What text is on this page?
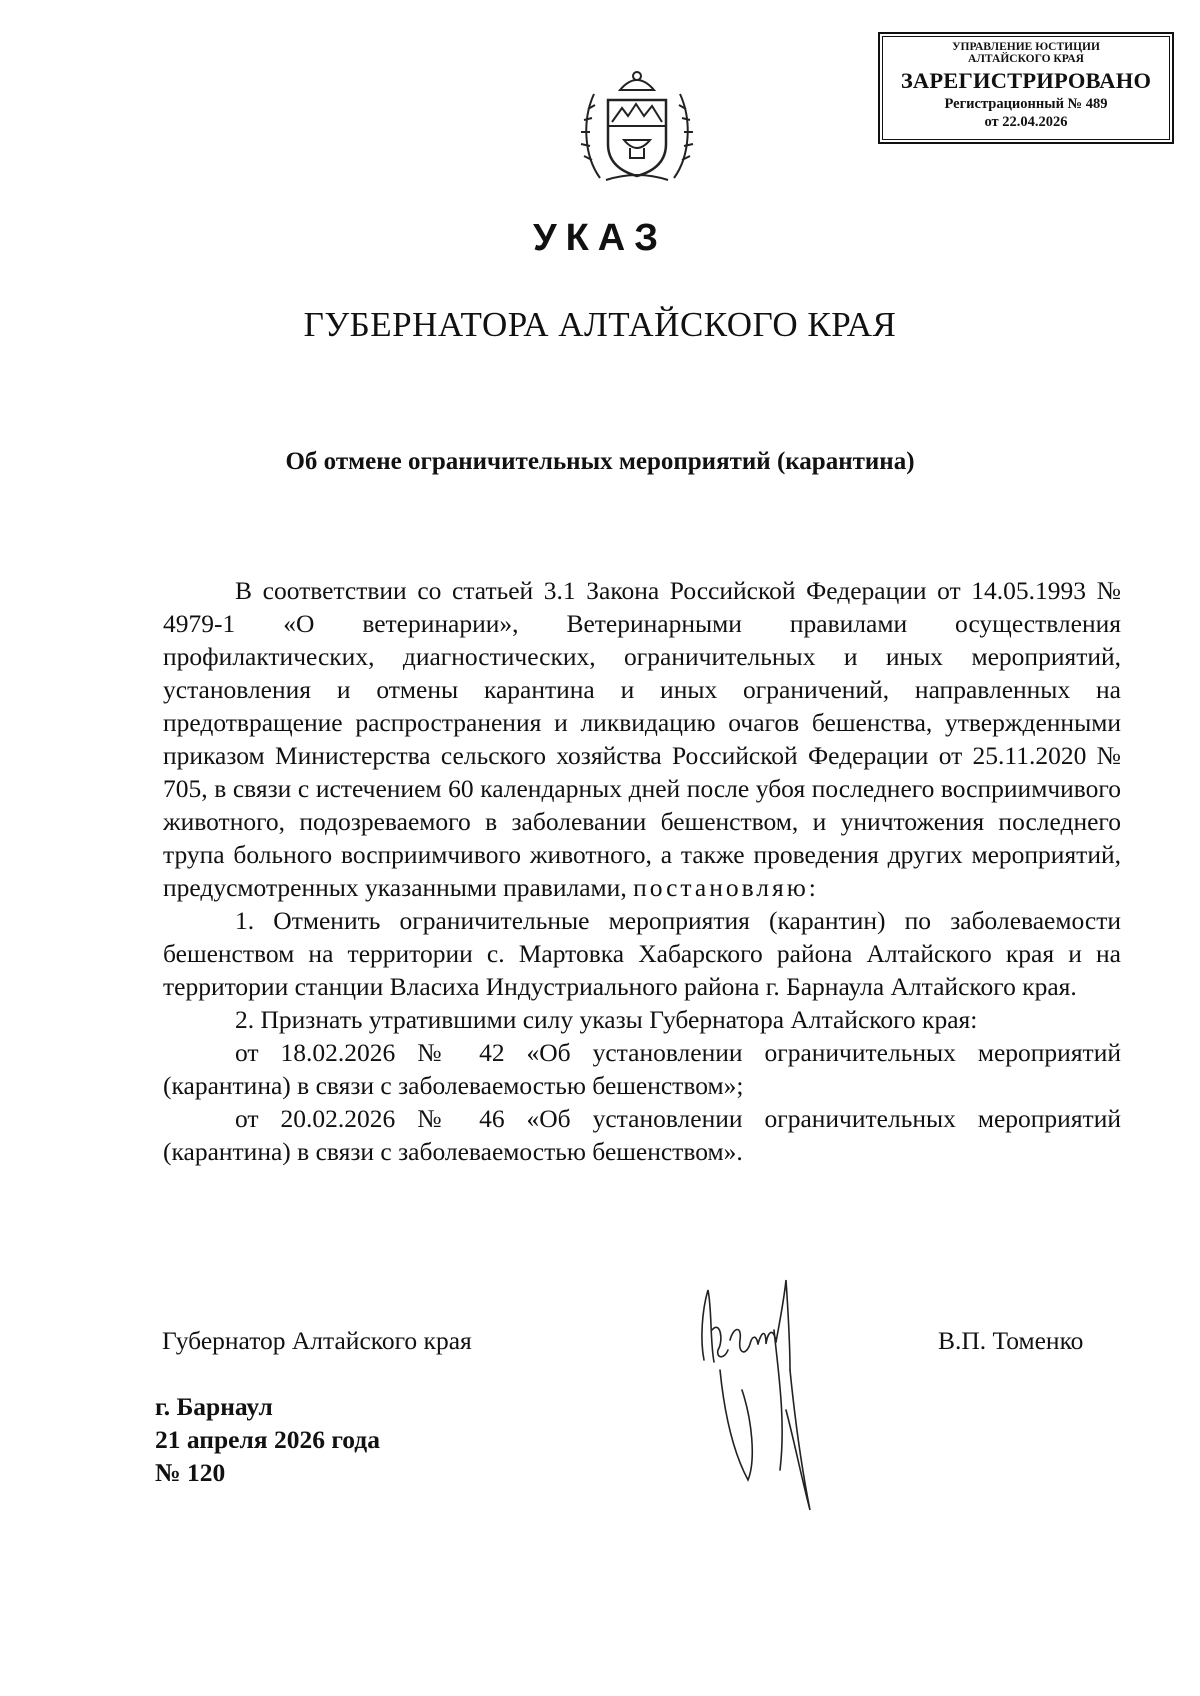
УПРАВЛЕНИЕ ЮСТИЦИИ
АЛТАЙСКОГО КРАЯ
ЗАРЕГИСТРИРОВАНО
Регистрационный № 489
от 22.04.2026
УКАЗ
ГУБЕРНАТОРА АЛТАЙСКОГО КРАЯ
Об отмене ограничительных мероприятий (карантина)

В соответствии со статьей 3.1 Закона Российской Федерации от 14.05.1993 № 4979-1 «О ветеринарии», Ветеринарными правилами осуществления профилактических, диагностических, ограничительных и иных мероприятий, установления и отмены карантина и иных ограничений, направленных на предотвращение распространения и ликвидацию очагов бешенства, утвержденными приказом Министерства сельского хозяйства Российской Федерации от 25.11.2020 № 705, в связи с истечением 60 календарных дней после убоя последнего восприимчивого животного, подозреваемого в заболевании бешенством, и уничтожения последнего трупа больного восприимчивого животного, а также проведения других мероприятий, предусмотренных указанными правилами, постановляю:

1. Отменить ограничительные мероприятия (карантин) по заболеваемости бешенством на территории с. Мартовка Хабарского района Алтайского края и на территории станции Власиха Индустриального района г. Барнаула Алтайского края.

2. Признать утратившими силу указы Губернатора Алтайского края:

от 18.02.2026 № 42 «Об установлении ограничительных мероприятий (карантина) в связи с заболеваемостью бешенством»;

от 20.02.2026 № 46 «Об установлении ограничительных мероприятий (карантина) в связи с заболеваемостью бешенством».

Губернатор Алтайского края	В.П. Томенко
г. Барнаул
21 апреля 2026 года
№ 120
